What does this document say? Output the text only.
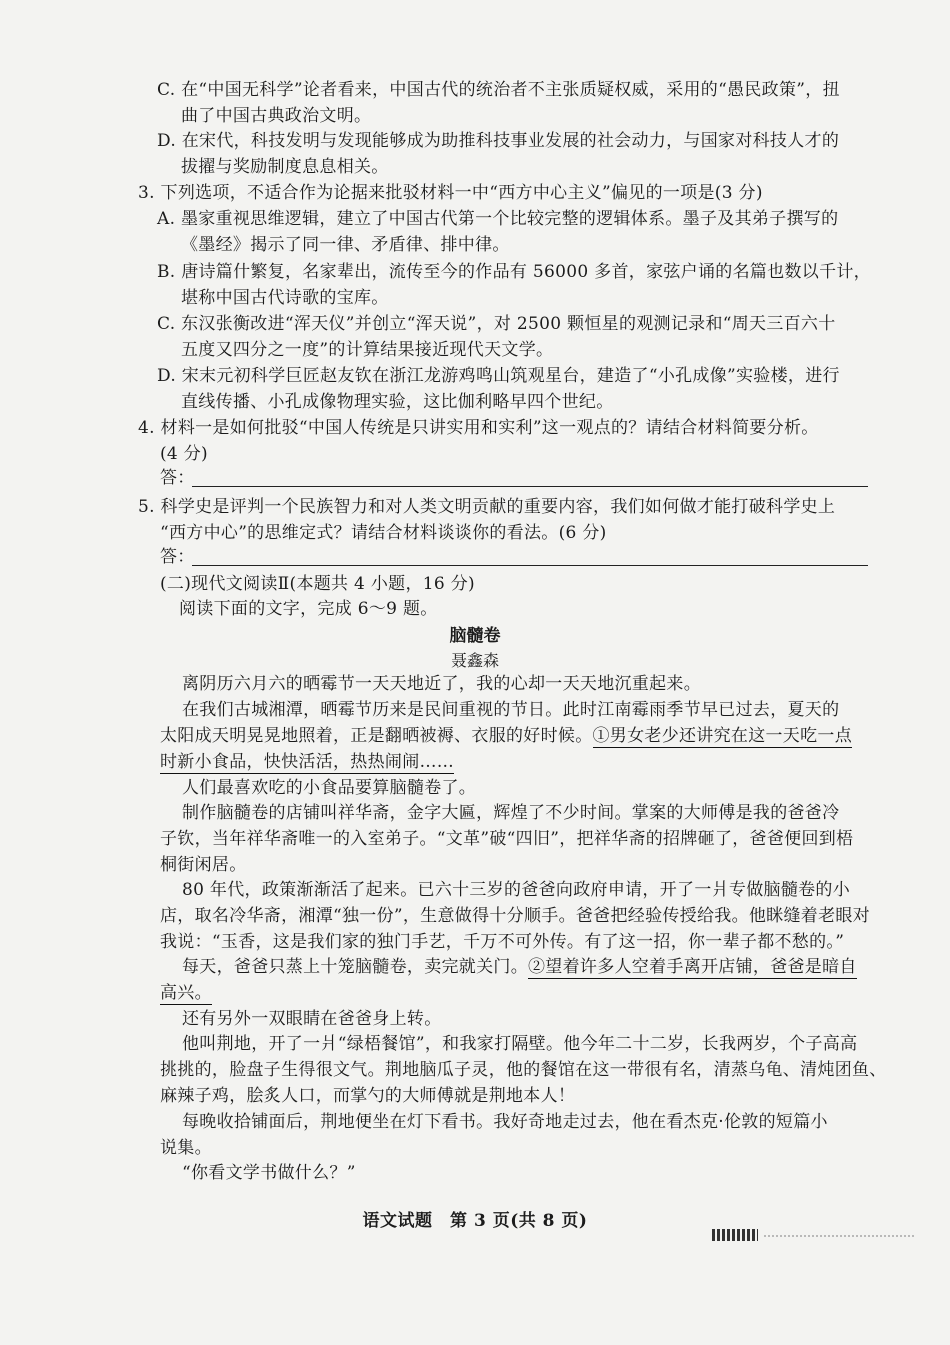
C. 在“中国无科学”论者看来，中国古代的统治者不主张质疑权威，采用的“愚民政策”，扭
曲了中国古典政治文明。
D. 在宋代，科技发明与发现能够成为助推科技事业发展的社会动力，与国家对科技人才的
拔擢与奖励制度息息相关。
3. 下列选项，不适合作为论据来批驳材料一中“西方中心主义”偏见的一项是(3 分)
A. 墨家重视思维逻辑，建立了中国古代第一个比较完整的逻辑体系。墨子及其弟子撰写的
《墨经》揭示了同一律、矛盾律、排中律。
B. 唐诗篇什繁复，名家辈出，流传至今的作品有 56000 多首，家弦户诵的名篇也数以千计，
堪称中国古代诗歌的宝库。
C. 东汉张衡改进“浑天仪”并创立“浑天说”，对 2500 颗恒星的观测记录和“周天三百六十
五度又四分之一度”的计算结果接近现代天文学。
D. 宋末元初科学巨匠赵友钦在浙江龙游鸡鸣山筑观星台，建造了“小孔成像”实验楼，进行
直线传播、小孔成像物理实验，这比伽利略早四个世纪。
4. 材料一是如何批驳“中国人传统是只讲实用和实利”这一观点的？请结合材料简要分析。
(4 分)
答：
5. 科学史是评判一个民族智力和对人类文明贡献的重要内容，我们如何做才能打破科学史上
“西方中心”的思维定式？请结合材料谈谈你的看法。(6 分)
答：
(二)现代文阅读Ⅱ(本题共 4 小题，16 分)
阅读下面的文字，完成 6～9 题。
脑髓卷
聂鑫森
离阴历六月六的晒霉节一天天地近了，我的心却一天天地沉重起来。
在我们古城湘潭，晒霉节历来是民间重视的节日。此时江南霉雨季节早已过去，夏天的
太阳成天明晃晃地照着，正是翻晒被褥、衣服的好时候。①男女老少还讲究在这一天吃一点
时新小食品，快快活活，热热闹闹……
人们最喜欢吃的小食品要算脑髓卷了。
制作脑髓卷的店铺叫祥华斋，金字大匾，辉煌了不少时间。掌案的大师傅是我的爸爸冷
子钦，当年祥华斋唯一的入室弟子。“文革”破“四旧”，把祥华斋的招牌砸了，爸爸便回到梧
桐街闲居。
80 年代，政策渐渐活了起来。已六十三岁的爸爸向政府申请，开了一爿专做脑髓卷的小
店，取名冷华斋，湘潭“独一份”，生意做得十分顺手。爸爸把经验传授给我。他眯缝着老眼对
我说：“玉香，这是我们家的独门手艺，千万不可外传。有了这一招，你一辈子都不愁的。”
每天，爸爸只蒸上十笼脑髓卷，卖完就关门。②望着许多人空着手离开店铺，爸爸是暗自
高兴。
还有另外一双眼睛在爸爸身上转。
他叫荆地，开了一爿“绿梧餐馆”，和我家打隔壁。他今年二十二岁，长我两岁，个子高高
挑挑的，脸盘子生得很文气。荆地脑瓜子灵，他的餐馆在这一带很有名，清蒸乌龟、清炖团鱼、
麻辣子鸡，脍炙人口，而掌勺的大师傅就是荆地本人！
每晚收拾铺面后，荆地便坐在灯下看书。我好奇地走过去，他在看杰克·伦敦的短篇小
说集。
“你看文学书做什么？”
语文试题　第 3 页(共 8 页)
